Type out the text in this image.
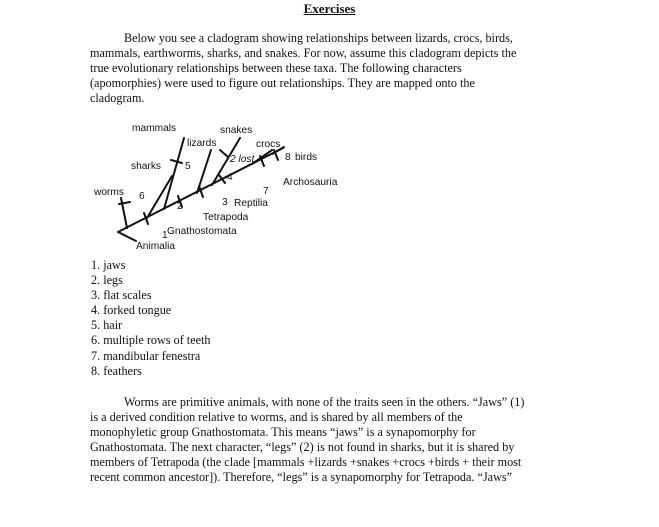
Exercises
Below you see a cladogram showing relationships between lizards, crocs, birds,
mammals, earthworms, sharks, and snakes. For now, assume this cladogram depicts the
true evolutionary relationships between these taxa. The following characters
(apomorphies) were used to figure out relationships. They are mapped onto the
cladogram.
mammals
lizards
snakes
crocs
birds
sharks
worms
Archosauria
Reptilia
Tetrapoda
Gnathostomata
Animalia
1
2	3
4
5
6	7
8
2 lost
1. jaws
2. legs
3. flat scales
4. forked tongue
5. hair
6. multiple rows of teeth
7. mandibular fenestra
8. feathers
Worms are primitive animals, with none of the traits seen in the others. “Jaws” (1)
is a derived condition relative to worms, and is shared by all members of the
monophyletic group Gnathostomata. This means “jaws” is a synapomorphy for
Gnathostomata. The next character, “legs” (2) is not found in sharks, but it is shared by
members of Tetrapoda (the clade [mammals +lizards +snakes +crocs +birds + their most
recent common ancestor]). Therefore, “legs” is a synapomorphy for Tetrapoda. “Jaws”
